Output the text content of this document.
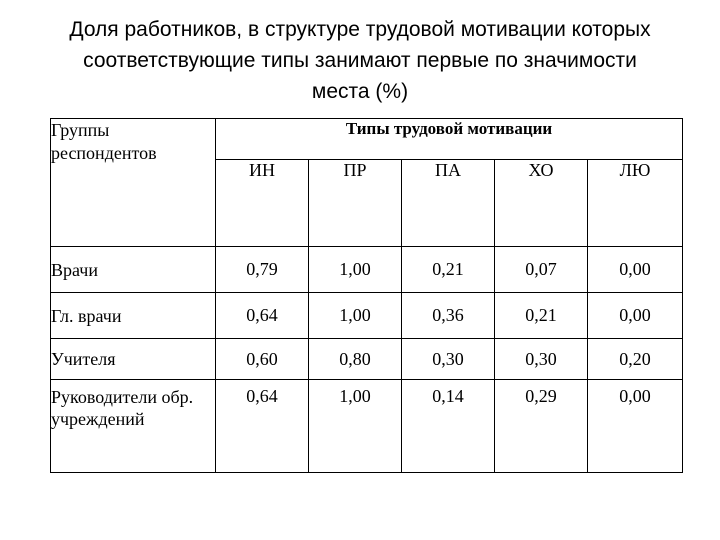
Доля работников, в структуре трудовой мотивации которых
соответствующие типы занимают первые по значимости
места (%)
Группы
респондентов	Типы трудовой мотивации				
	ИН	ПР	ПА	ХО	ЛЮ
Врачи	0,79	1,00	0,21	0,07	0,00
Гл. врачи	0,64	1,00	0,36	0,21	0,00
Учителя	0,60	0,80	0,30	0,30	0,20
Руководители обр.
учреждений	0,64	1,00	0,14	0,29	0,00
